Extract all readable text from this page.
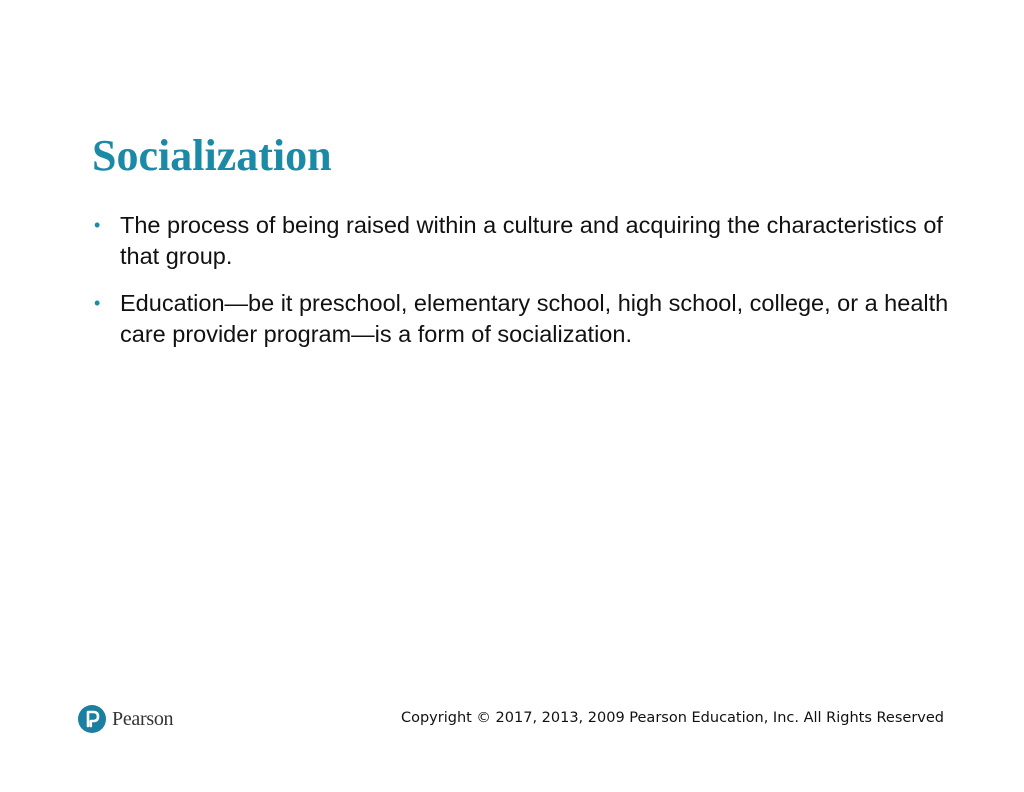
Socialization
• The process of being raised within a culture and acquiring the characteristics of that group.
• Education—be it preschool, elementary school, high school, college, or a health care provider program—is a form of socialization.
Pearson	Copyright © 2017, 2013, 2009 Pearson Education, Inc. All Rights Reserved
